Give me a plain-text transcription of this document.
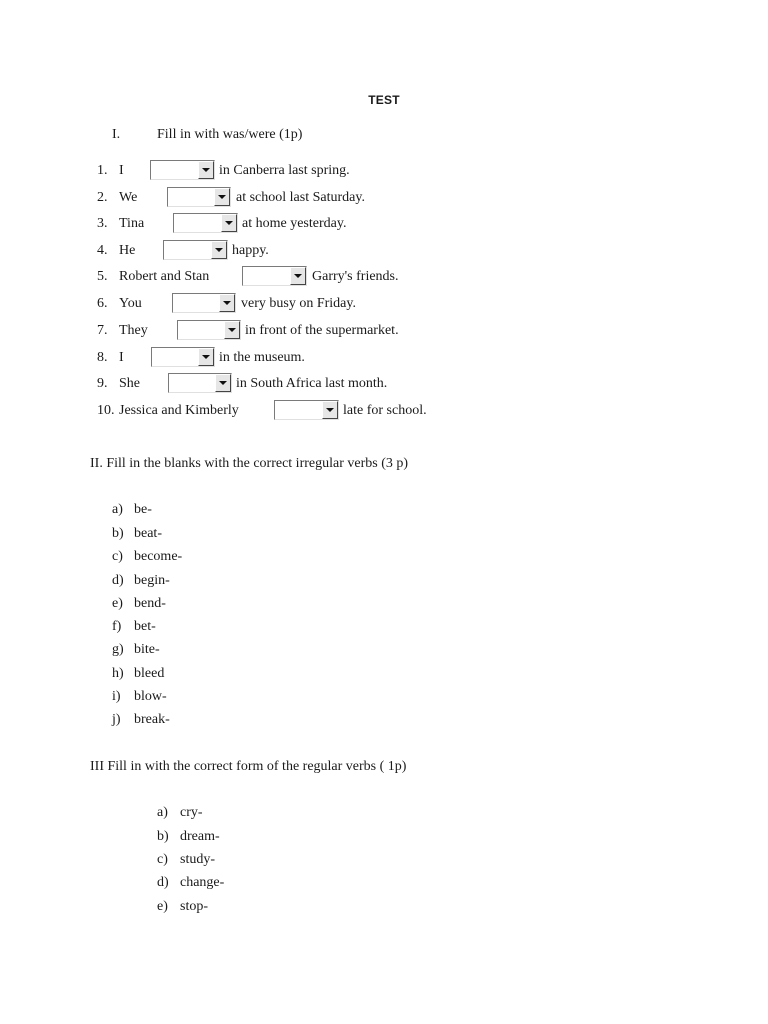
TEST
I.	Fill in with was/were (1p)
1. I	in Canberra last spring.
2. We	at school last Saturday.
3. Tina	at home yesterday.
4. He	happy.
5. Robert and Stan	Garry's friends.
6. You	very busy on Friday.
7. They	in front of the supermarket.
8. I	in the museum.
9. She	in South Africa last month.
10. Jessica and Kimberly	late for school.
II. Fill in the blanks with the correct irregular verbs (3 p)
a) be-
b) beat-
c) become-
d) begin-
e) bend-
f) bet-
g) bite-
h) bleed
i) blow-
j) break-
III Fill in with the correct form of the regular verbs ( 1p)
a) cry-
b) dream-
c) study-
d) change-
e) stop-
